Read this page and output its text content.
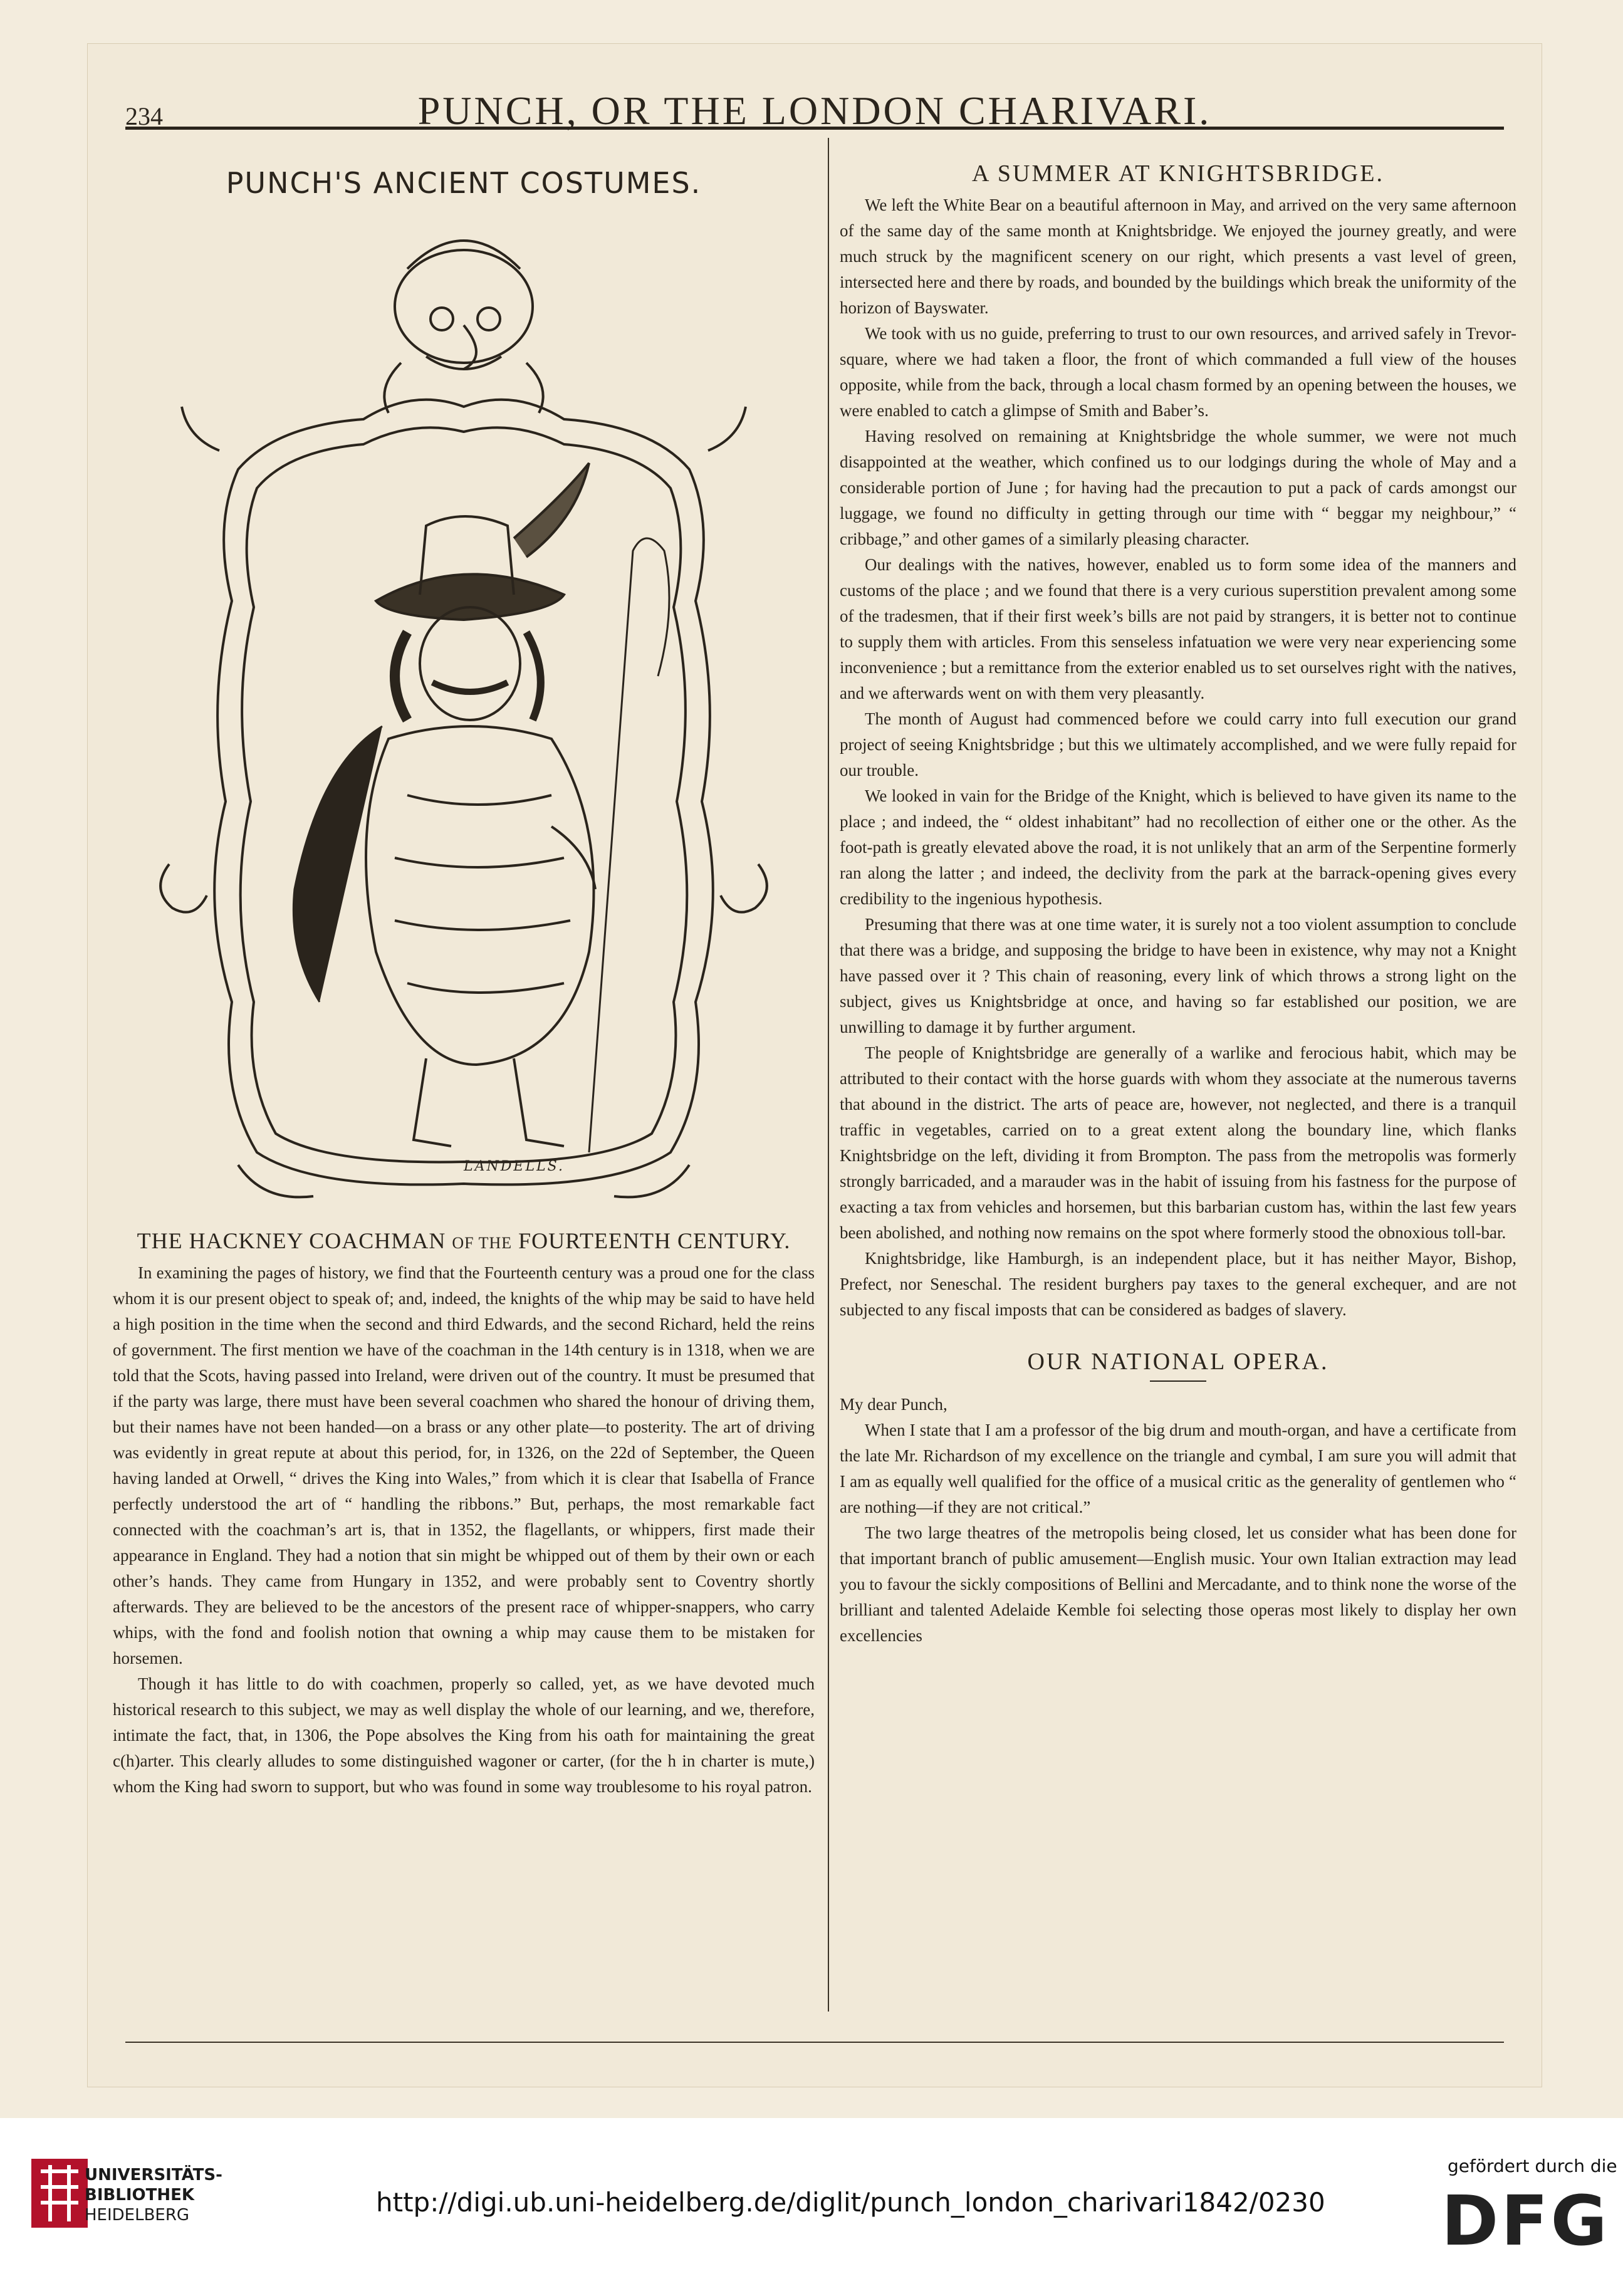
234	PUNCH, OR THE LONDON CHARIVARI.
PUNCH'S ANCIENT COSTUMES.
LANDELLS.
THE HACKNEY COACHMAN OF THE FOURTEENTH CENTURY.

In examining the pages of history, we find that the Fourteenth century was a proud one for the class whom it is our present object to speak of; and, indeed, the knights of the whip may be said to have held a high position in the time when the second and third Edwards, and the second Richard, held the reins of government. The first mention we have of the coachman in the 14th century is in 1318, when we are told that the Scots, having passed into Ireland, were driven out of the country. It must be presumed that if the party was large, there must have been several coachmen who shared the honour of driving them, but their names have not been handed—on a brass or any other plate—to posterity. The art of driving was evidently in great repute at about this period, for, in 1326, on the 22d of September, the Queen having landed at Orwell, “ drives the King into Wales,” from which it is clear that Isabella of France perfectly understood the art of “ handling the ribbons.” But, perhaps, the most remarkable fact connected with the coachman’s art is, that in 1352, the flagellants, or whippers, first made their appearance in England. They had a notion that sin might be whipped out of them by their own or each other’s hands. They came from Hungary in 1352, and were probably sent to Coventry shortly afterwards. They are believed to be the ancestors of the present race of whipper-snappers, who carry whips, with the fond and foolish notion that owning a whip may cause them to be mistaken for horsemen.

Though it has little to do with coachmen, properly so called, yet, as we have devoted much historical research to this subject, we may as well display the whole of our learning, and we, therefore, intimate the fact, that, in 1306, the Pope absolves the King from his oath for maintaining the great c(h)arter. This clearly alludes to some distinguished wagoner or carter, (for the h in charter is mute,) whom the King had sworn to support, but who was found in some way troublesome to his royal patron.

A SUMMER AT KNIGHTSBRIDGE.

We left the White Bear on a beautiful afternoon in May, and arrived on the very same afternoon of the same day of the same month at Knightsbridge. We enjoyed the journey greatly, and were much struck by the magnificent scenery on our right, which presents a vast level of green, intersected here and there by roads, and bounded by the buildings which break the uniformity of the horizon of Bayswater.

We took with us no guide, preferring to trust to our own resources, and arrived safely in Trevor-square, where we had taken a floor, the front of which commanded a full view of the houses opposite, while from the back, through a local chasm formed by an opening between the houses, we were enabled to catch a glimpse of Smith and Baber’s.

Having resolved on remaining at Knightsbridge the whole summer, we were not much disappointed at the weather, which confined us to our lodgings during the whole of May and a considerable portion of June ; for having had the precaution to put a pack of cards amongst our luggage, we found no difficulty in getting through our time with “ beggar my neighbour,” “ cribbage,” and other games of a similarly pleasing character.

Our dealings with the natives, however, enabled us to form some idea of the manners and customs of the place ; and we found that there is a very curious superstition prevalent among some of the tradesmen, that if their first week’s bills are not paid by strangers, it is better not to continue to supply them with articles. From this senseless infatuation we were very near experiencing some inconvenience ; but a remittance from the exterior enabled us to set ourselves right with the natives, and we afterwards went on with them very pleasantly.

The month of August had commenced before we could carry into full execution our grand project of seeing Knightsbridge ; but this we ultimately accomplished, and we were fully repaid for our trouble.

We looked in vain for the Bridge of the Knight, which is believed to have given its name to the place ; and indeed, the “ oldest inhabitant” had no recollection of either one or the other. As the foot-path is greatly elevated above the road, it is not unlikely that an arm of the Serpentine formerly ran along the latter ; and indeed, the declivity from the park at the barrack-opening gives every credibility to the ingenious hypothesis.

Presuming that there was at one time water, it is surely not a too violent assumption to conclude that there was a bridge, and supposing the bridge to have been in existence, why may not a Knight have passed over it ? This chain of reasoning, every link of which throws a strong light on the subject, gives us Knightsbridge at once, and having so far established our position, we are unwilling to damage it by further argument.

The people of Knightsbridge are generally of a warlike and ferocious habit, which may be attributed to their contact with the horse guards with whom they associate at the numerous taverns that abound in the district. The arts of peace are, however, not neglected, and there is a tranquil traffic in vegetables, carried on to a great extent along the boundary line, which flanks Knightsbridge on the left, dividing it from Brompton. The pass from the metropolis was formerly strongly barricaded, and a marauder was in the habit of issuing from his fastness for the purpose of exacting a tax from vehicles and horsemen, but this barbarian custom has, within the last few years been abolished, and nothing now remains on the spot where formerly stood the obnoxious toll-bar.

Knightsbridge, like Hamburgh, is an independent place, but it has neither Mayor, Bishop, Prefect, nor Seneschal. The resident burghers pay taxes to the general exchequer, and are not subjected to any fiscal imposts that can be considered as badges of slavery.

OUR NATIONAL OPERA.

My dear Punch,

When I state that I am a professor of the big drum and mouth-organ, and have a certificate from the late Mr. Richardson of my excellence on the triangle and cymbal, I am sure you will admit that I am as equally well qualified for the office of a musical critic as the generality of gentlemen who “ are nothing—if they are not critical.”

The two large theatres of the metropolis being closed, let us consider what has been done for that important branch of public amusement—English music. Your own Italian extraction may lead you to favour the sickly compositions of Bellini and Mercadante, and to think none the worse of the brilliant and talented Adelaide Kemble foi selecting those operas most likely to display her own excellencies

UNIVERSITÄTS-
BIBLIOTHEK
HEIDELBERG	http://digi.ub.uni-heidelberg.de/diglit/punch_london_charivari1842/0230
gefördert durch die
DFG
